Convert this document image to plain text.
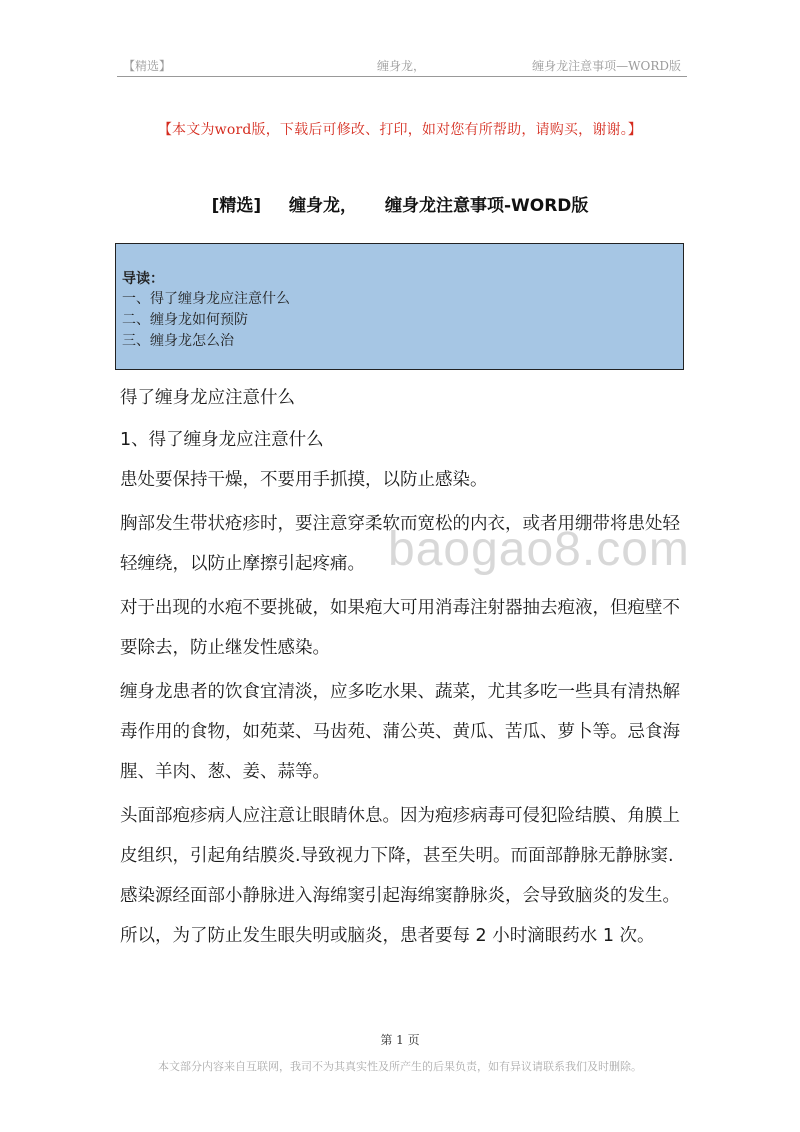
【精选】	缠身龙，	缠身龙注意事项—WORD版
【本文为word版，下载后可修改、打印，如对您有所帮助，请购买，谢谢。】
[精选] 缠身龙， 缠身龙注意事项-WORD版
导读：
一、得了缠身龙应注意什么
二、缠身龙如何预防
三、缠身龙怎么治
baogao8.com

得了缠身龙应注意什么

1、得了缠身龙应注意什么

患处要保持干燥，不要用手抓摸，以防止感染。

胸部发生带状疮疹时，要注意穿柔软而宽松的内衣，或者用绷带将患处轻轻缠绕，以防止摩擦引起疼痛。

对于出现的水疱不要挑破，如果疱大可用消毒注射器抽去疱液，但疱壁不要除去，防止继发性感染。

缠身龙患者的饮食宜清淡，应多吃水果、蔬菜，尤其多吃一些具有清热解毒作用的食物，如苑菜、马齿苑、蒲公英、黄瓜、苦瓜、萝卜等。忌食海腥、羊肉、葱、姜、蒜等。

头面部疱疹病人应注意让眼睛休息。因为疱疹病毒可侵犯险结膜、角膜上皮组织，引起角结膜炎.导致视力下降，甚至失明。而面部静脉无静脉窦.感染源经面部小静脉进入海绵窦引起海绵窦静脉炎，会导致脑炎的发生。所以，为了防止发生眼失明或脑炎，患者要每 2 小时滴眼药水 1 次。

第 1 页
本文部分内容来自互联网，我司不为其真实性及所产生的后果负责，如有异议请联系我们及时删除。
